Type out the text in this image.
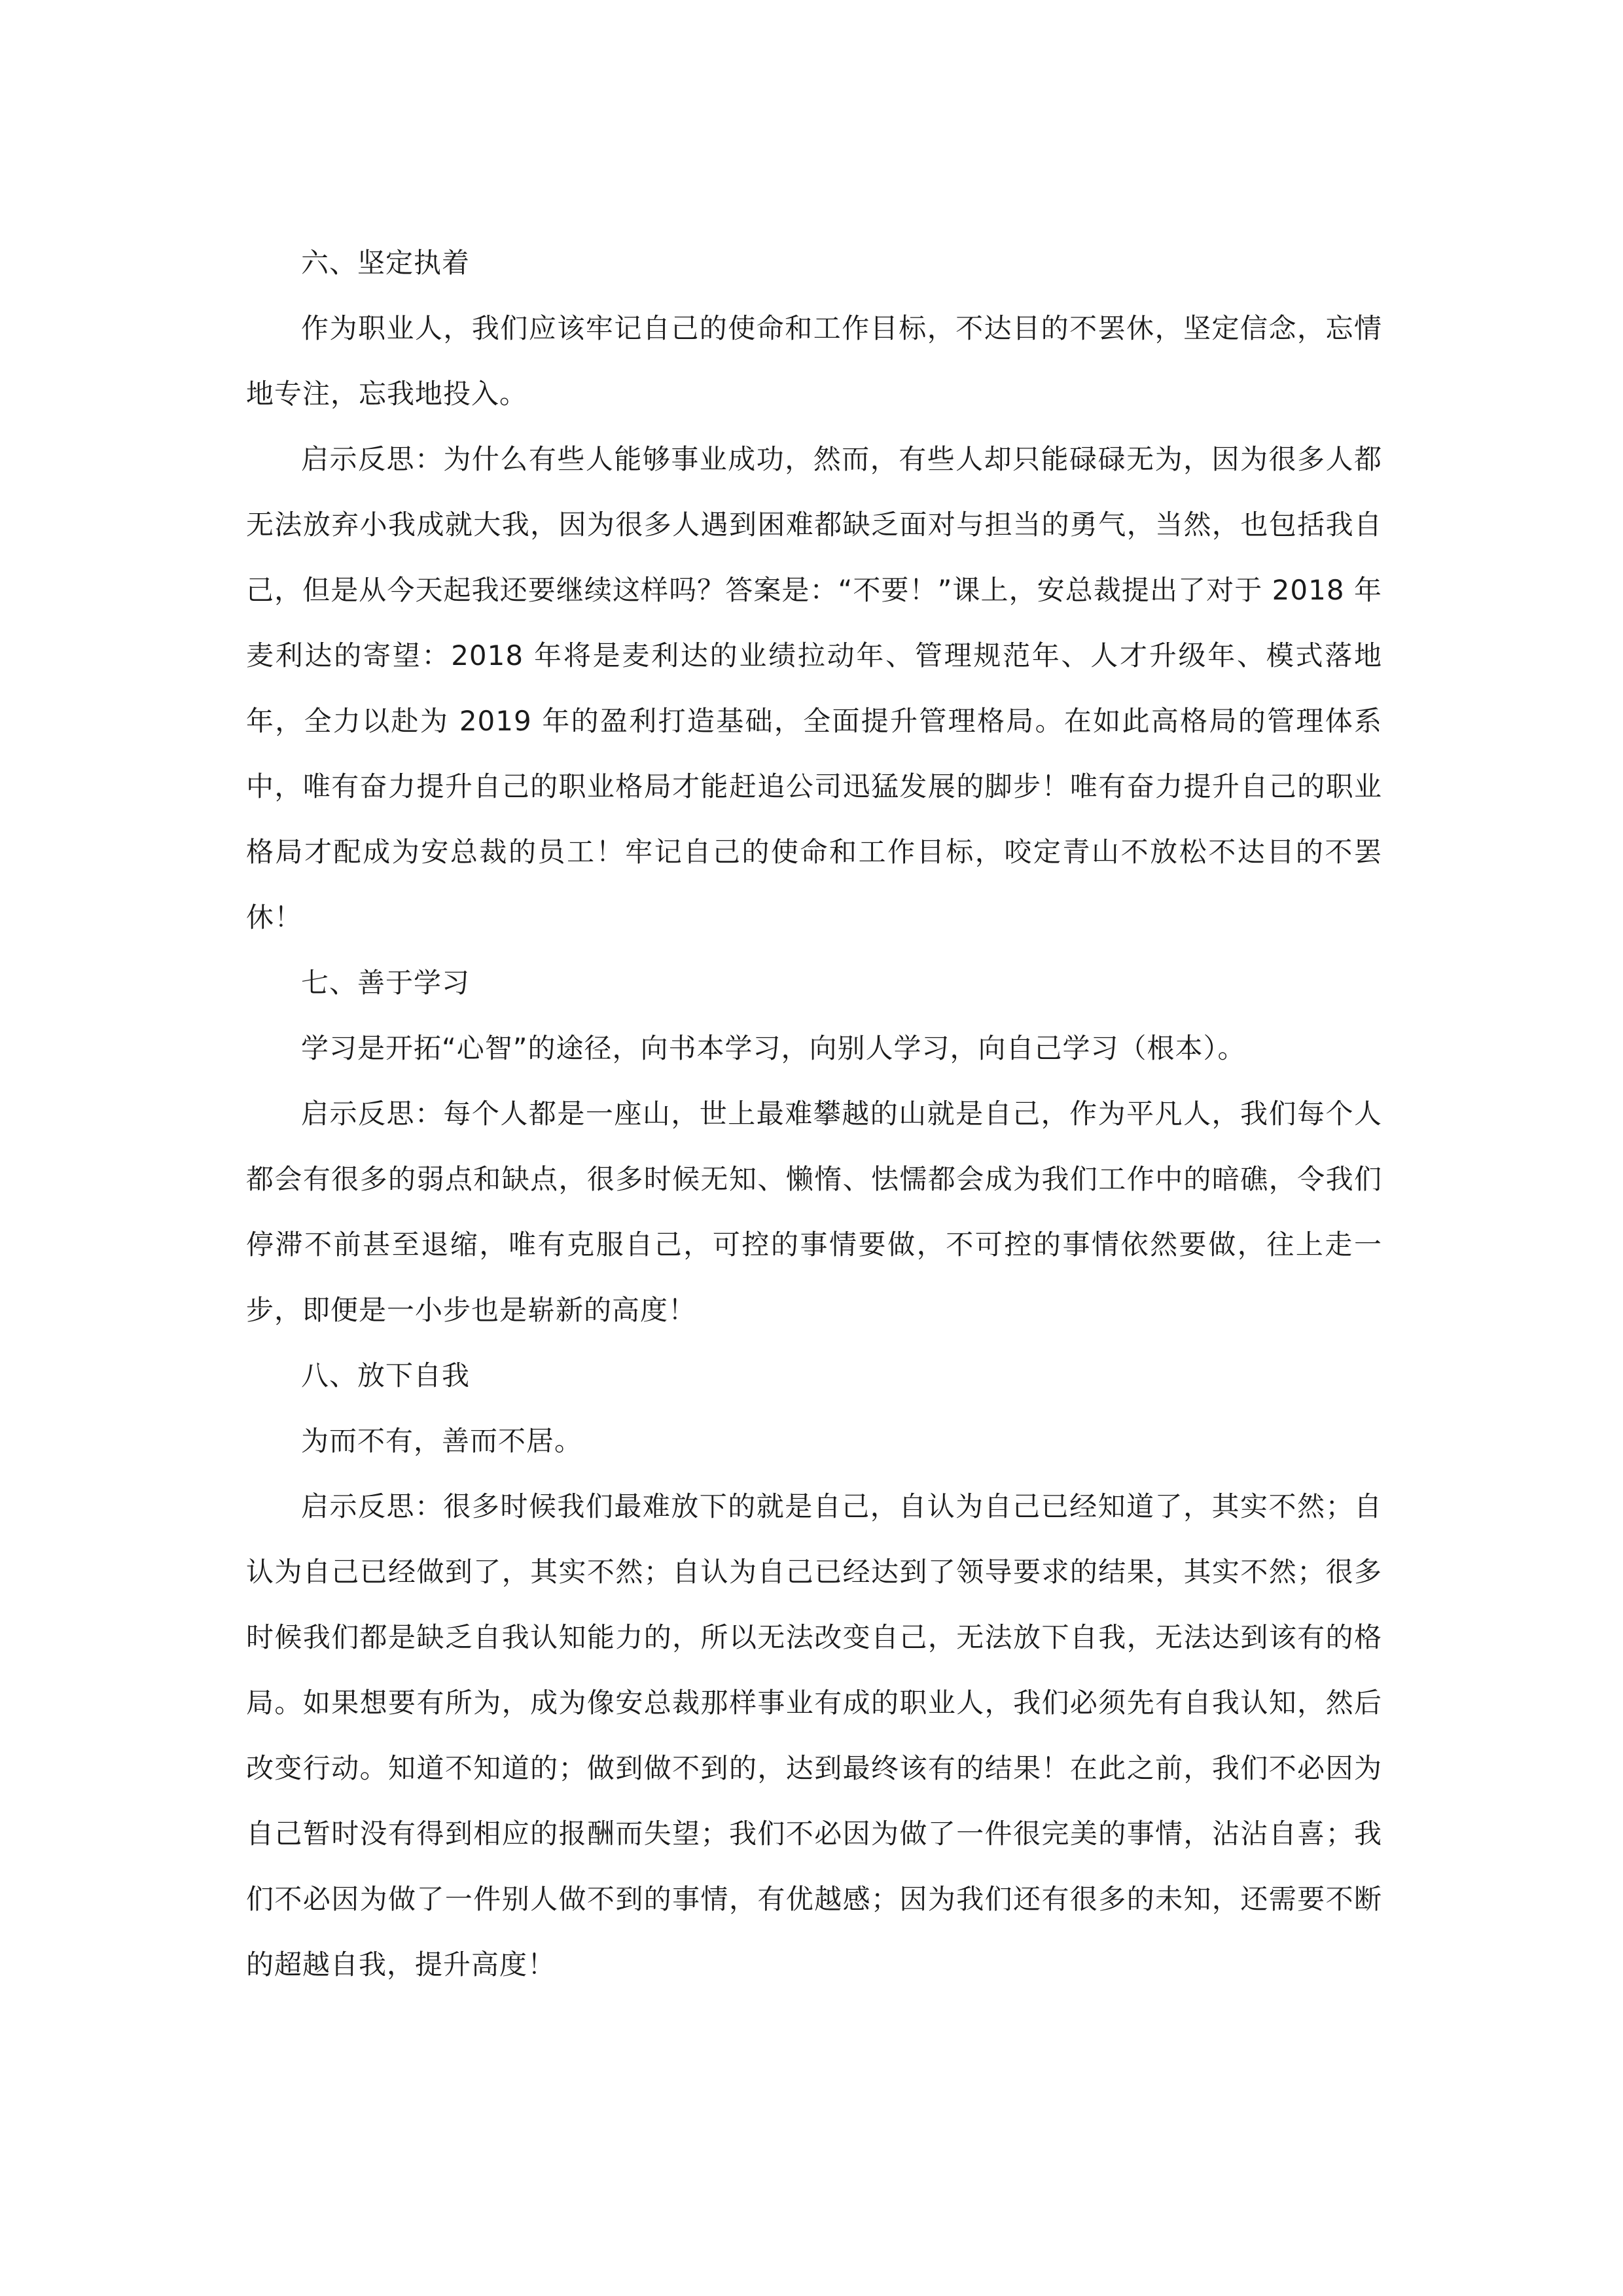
六、坚定执着

作为职业人，我们应该牢记自己的使命和工作目标，不达目的不罢休，坚定信念，忘情地专注，忘我地投入。

启示反思：为什么有些人能够事业成功，然而，有些人却只能碌碌无为，因为很多人都无法放弃小我成就大我，因为很多人遇到困难都缺乏面对与担当的勇气，当然，也包括我自己，但是从今天起我还要继续这样吗？答案是：“不要！”课上，安总裁提出了对于 2018 年麦利达的寄望：2018 年将是麦利达的业绩拉动年、管理规范年、人才升级年、模式落地年，全力以赴为 2019 年的盈利打造基础，全面提升管理格局。在如此高格局的管理体系中，唯有奋力提升自己的职业格局才能赶追公司迅猛发展的脚步！唯有奋力提升自己的职业格局才配成为安总裁的员工！牢记自己的使命和工作目标，咬定青山不放松不达目的不罢休！

七、善于学习

学习是开拓“心智”的途径，向书本学习，向别人学习，向自己学习（根本）。

启示反思：每个人都是一座山，世上最难攀越的山就是自己，作为平凡人，我们每个人都会有很多的弱点和缺点，很多时候无知、懒惰、怯懦都会成为我们工作中的暗礁，令我们停滞不前甚至退缩，唯有克服自己，可控的事情要做，不可控的事情依然要做，往上走一步，即便是一小步也是崭新的高度！

八、放下自我

为而不有，善而不居。

启示反思：很多时候我们最难放下的就是自己，自认为自己已经知道了，其实不然；自认为自己已经做到了，其实不然；自认为自己已经达到了领导要求的结果，其实不然；很多时候我们都是缺乏自我认知能力的，所以无法改变自己，无法放下自我，无法达到该有的格局。如果想要有所为，成为像安总裁那样事业有成的职业人，我们必须先有自我认知，然后改变行动。知道不知道的；做到做不到的，达到最终该有的结果！在此之前，我们不必因为自己暂时没有得到相应的报酬而失望；我们不必因为做了一件很完美的事情，沾沾自喜；我们不必因为做了一件别人做不到的事情，有优越感；因为我们还有很多的未知，还需要不断的超越自我，提升高度！
